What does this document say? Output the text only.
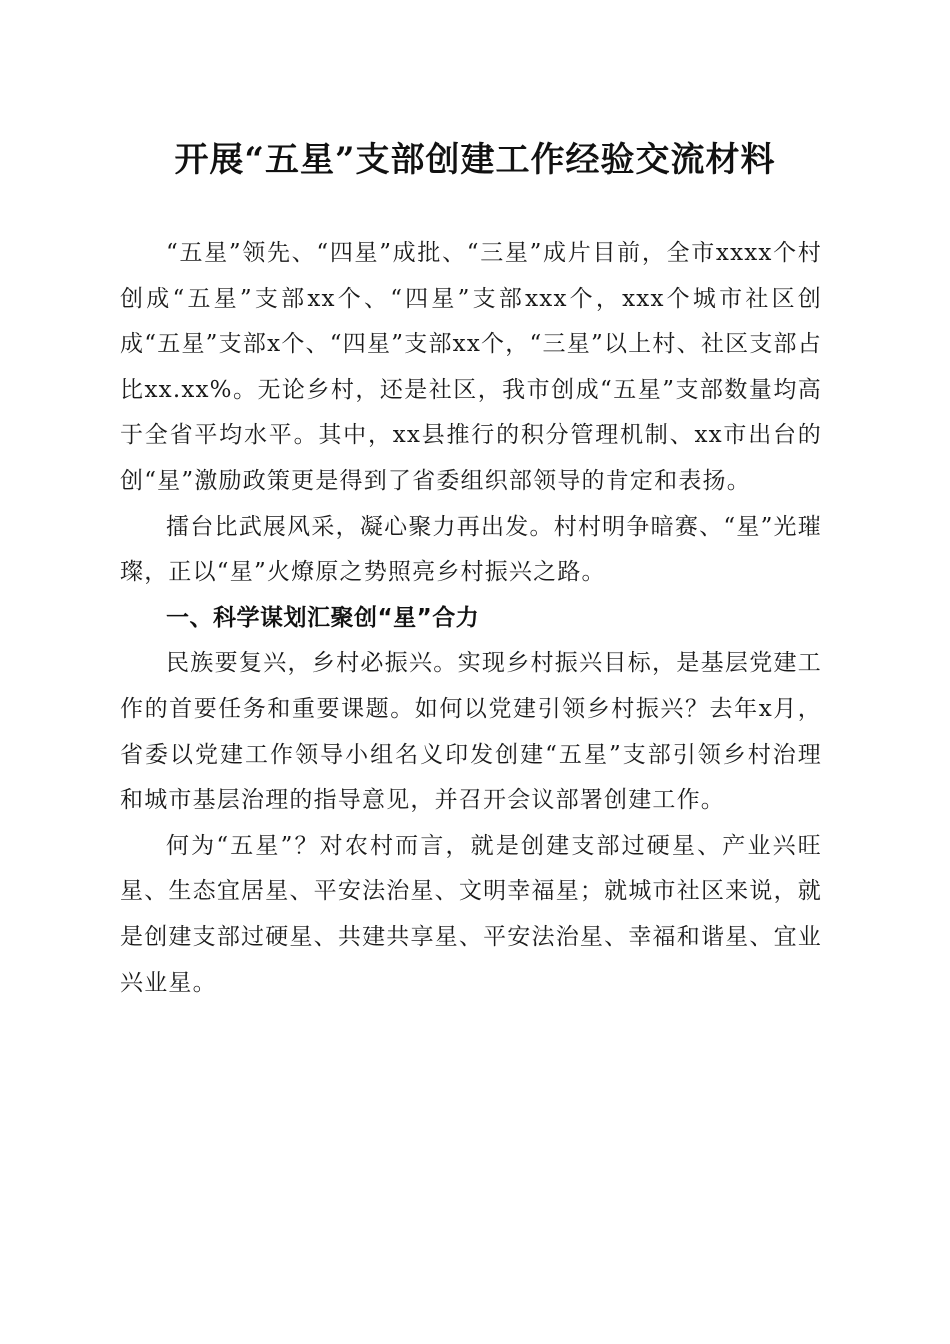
开展“五星”支部创建工作经验交流材料

“五星”领先、“四星”成批、“三星”成片目前，全市xxxx个村创成“五星”支部xx个、“四星”支部xxx个，xxx个城市社区创成“五星”支部x个、“四星”支部xx个，“三星”以上村、社区支部占比xx.xx%。无论乡村，还是社区，我市创成“五星”支部数量均高于全省平均水平。其中，xx县推行的积分管理机制、xx市出台的创“星”激励政策更是得到了省委组织部领导的肯定和表扬。

擂台比武展风采，凝心聚力再出发。村村明争暗赛、“星”光璀璨，正以“星”火燎原之势照亮乡村振兴之路。

一、科学谋划汇聚创“星”合力

民族要复兴，乡村必振兴。实现乡村振兴目标，是基层党建工作的首要任务和重要课题。如何以党建引领乡村振兴？去年x月，省委以党建工作领导小组名义印发创建“五星”支部引领乡村治理和城市基层治理的指导意见，并召开会议部署创建工作。

何为“五星”？对农村而言，就是创建支部过硬星、产业兴旺星、生态宜居星、平安法治星、文明幸福星；就城市社区来说，就是创建支部过硬星、共建共享星、平安法治星、幸福和谐星、宜业兴业星。
